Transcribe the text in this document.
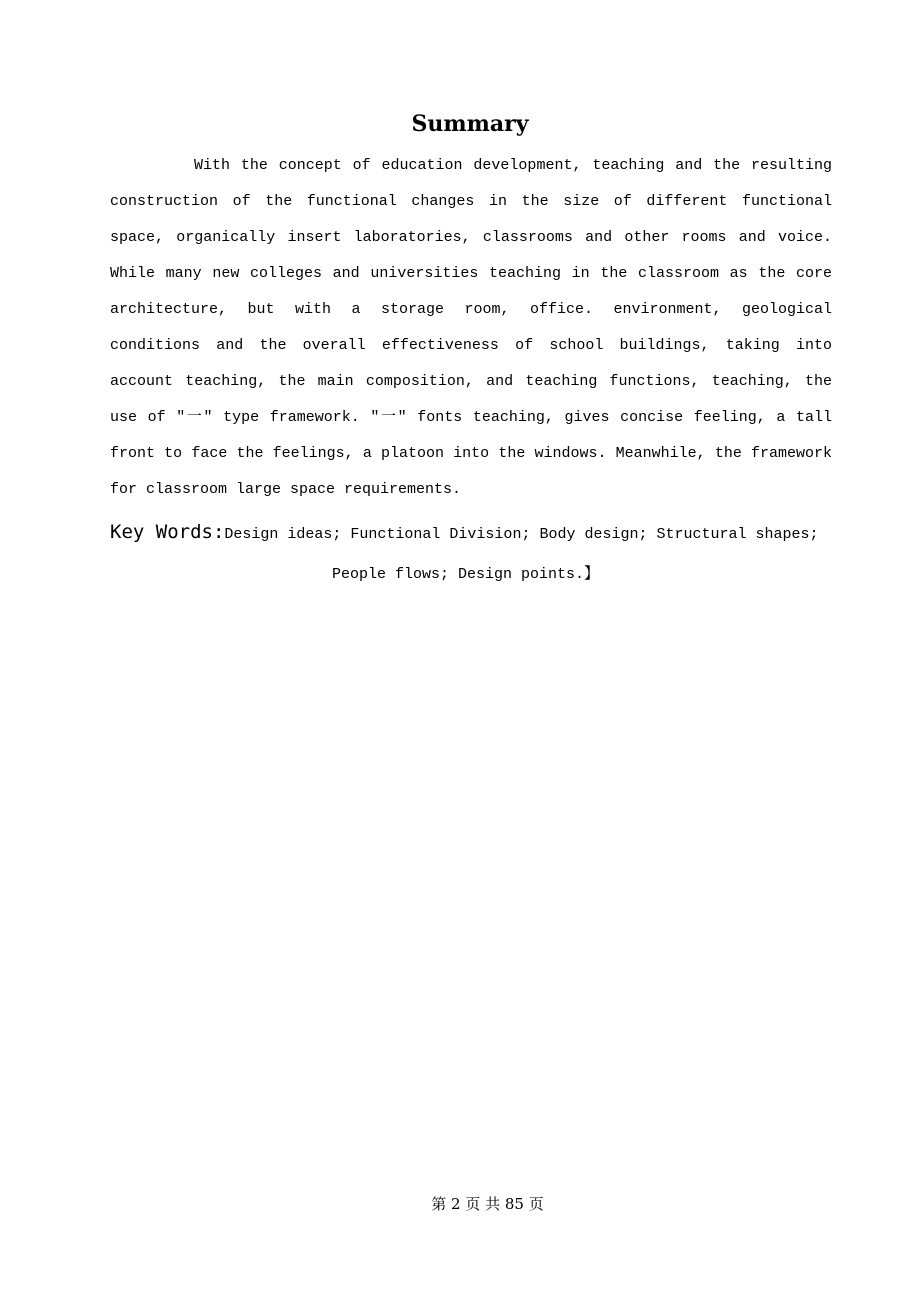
Summary

With the concept of education development, teaching and the resulting construction of the functional changes in the size of different functional space, organically insert laboratories, classrooms and other rooms and voice. While many new colleges and universities teaching in the classroom as the core architecture, but with a storage room, office. environment, geological conditions and the overall effectiveness of school buildings, taking into account teaching, the main composition, and teaching functions, teaching, the use of "一" type framework. "一" fonts teaching, gives concise feeling, a tall front to face the feelings, a platoon into the windows. Meanwhile, the framework for classroom large space requirements.

Key Words:Design ideas; Functional Division; Body design; Structural shapes;
People flows; Design points.】

第 2 页 共 85 页
